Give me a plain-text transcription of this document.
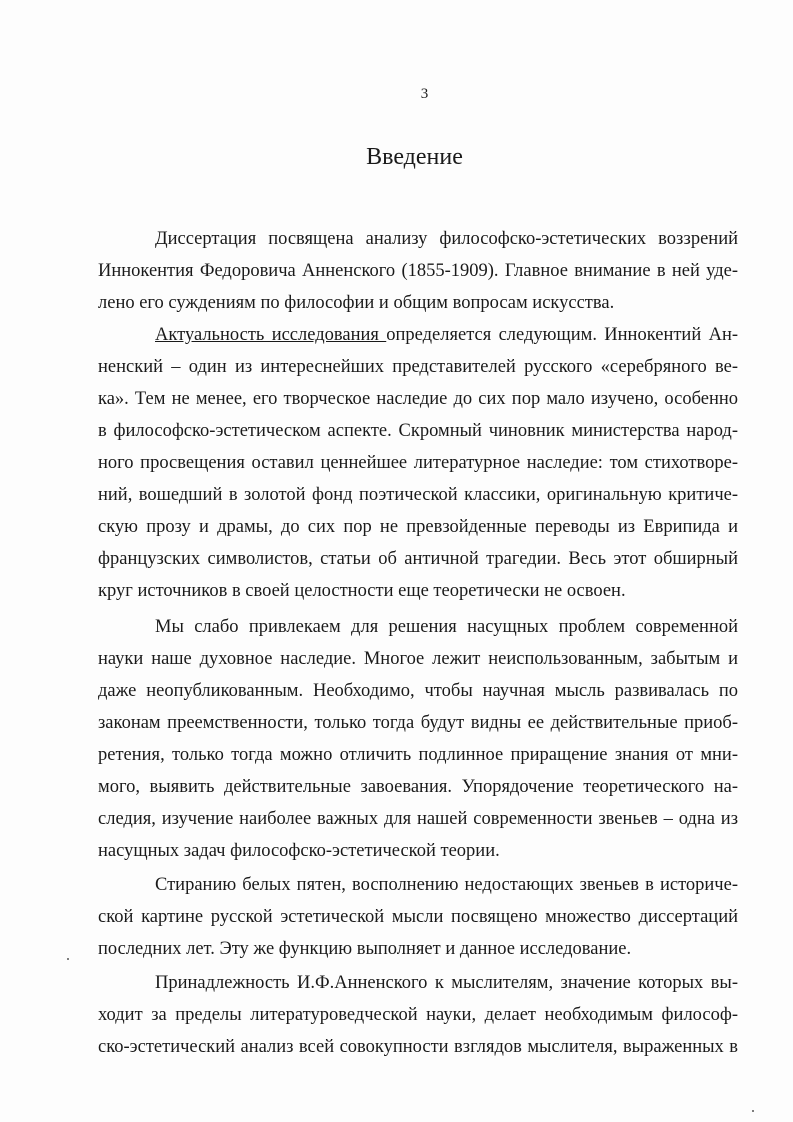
3
Введение
Диссертация посвящена анализу философско-эстетических воззрений
Иннокентия Федоровича Анненского (1855-1909). Главное внимание в ней уде-
лено его суждениям по философии и общим вопросам искусства.
Актуальность исследования определяется следующим. Иннокентий Ан-
ненский – один из интереснейших представителей русского «серебряного ве-
ка». Тем не менее, его творческое наследие до сих пор мало изучено, особенно
в философско-эстетическом аспекте. Скромный чиновник министерства народ-
ного просвещения оставил ценнейшее литературное наследие: том стихотворе-
ний, вошедший в золотой фонд поэтической классики, оригинальную критиче-
скую прозу и драмы, до сих пор не превзойденные переводы из Еврипида и
французских символистов, статьи об античной трагедии. Весь этот обширный
круг источников в своей целостности еще теоретически не освоен.
Мы слабо привлекаем для решения насущных проблем современной
науки наше духовное наследие. Многое лежит неиспользованным, забытым и
даже неопубликованным. Необходимо, чтобы научная мысль развивалась по
законам преемственности, только тогда будут видны ее действительные приоб-
ретения, только тогда можно отличить подлинное приращение знания от мни-
мого, выявить действительные завоевания. Упорядочение теоретического на-
следия, изучение наиболее важных для нашей современности звеньев – одна из
насущных задач философско-эстетической теории.
Стиранию белых пятен, восполнению недостающих звеньев в историче-
ской картине русской эстетической мысли посвящено множество диссертаций
последних лет. Эту же функцию выполняет и данное исследование.
Принадлежность И.Ф.Анненского к мыслителям, значение которых вы-
ходит за пределы литературоведческой науки, делает необходимым философ-
ско-эстетический анализ всей совокупности взглядов мыслителя, выраженных в
